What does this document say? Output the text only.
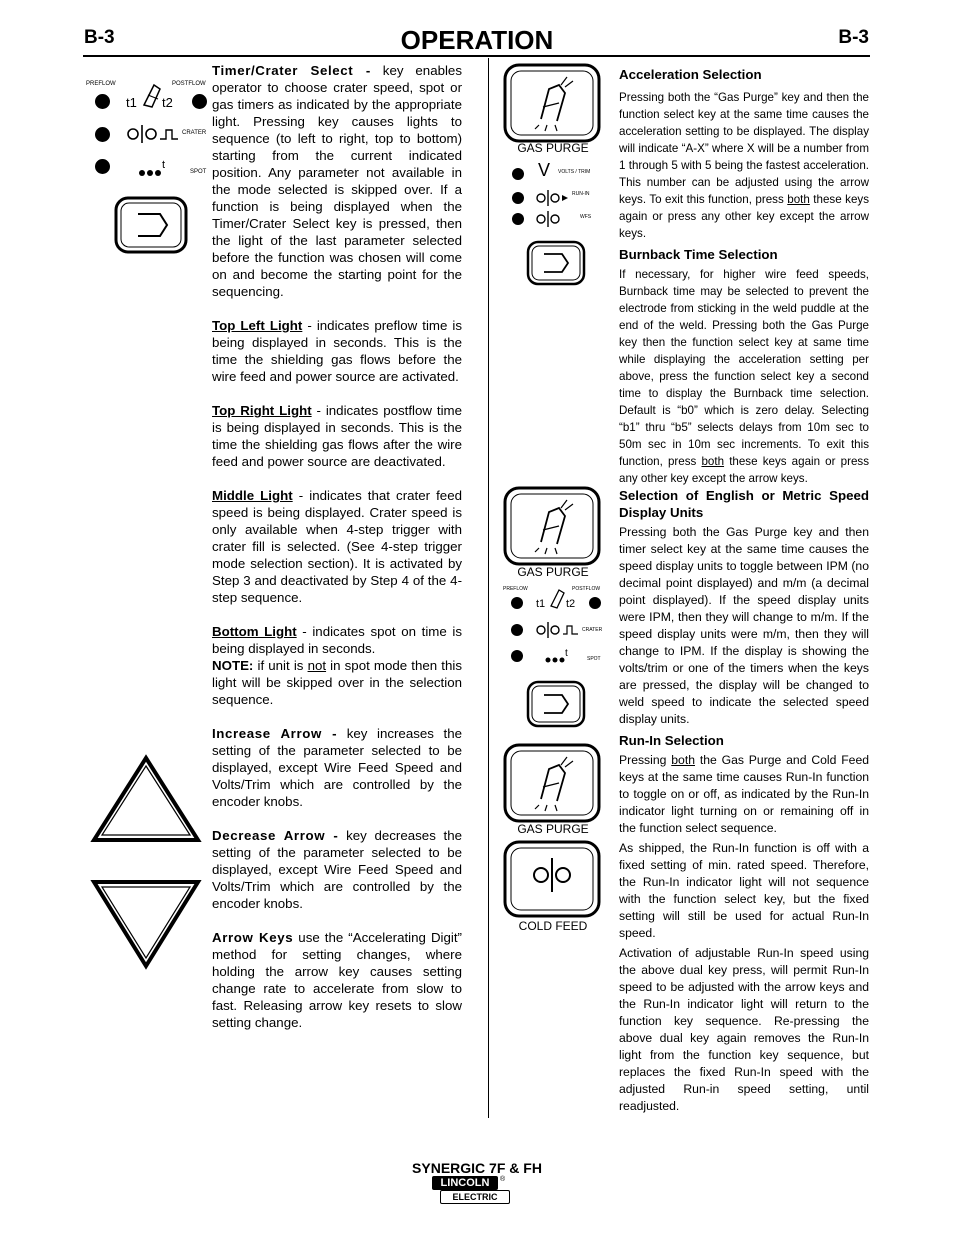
B-3	OPERATION	B-3
PREFLOW	POSTFLOW
t1 t2
CRATER
t
SPOT

Timer/Crater Select - key enables operator to choose crater speed, spot or gas timers as indicated by the appropriate light. Pressing key causes lights to sequence (to left to right, top to bottom) starting from the current indicated position. Any parameter not available in the mode selected is skipped over. If a function is being displayed when the Timer/Crater Select key is pressed, then the light of the last parameter selected before the function was chosen will come on and become the starting point for the sequencing.

Top Left Light - indicates preflow time is being displayed in seconds. This is the time the shielding gas flows before the wire feed and power source are activated.

Top Right Light - indicates postflow time is being displayed in seconds. This is the time the shielding gas flows after the wire feed and power source are deactivated.

Middle Light - indicates that crater feed speed is being displayed. Crater speed is only available when 4-step trigger with crater fill is selected. (See 4-step trigger mode selection section). It is activated by Step 3 and deactivated by Step 4 of the 4-step sequence.

Bottom Light - indicates spot on time is being displayed in seconds.

NOTE: if unit is not in spot mode then this light will be skipped over in the selection sequence.

Increase Arrow - key increases the setting of the parameter selected to be displayed, except Wire Feed Speed and Volts/Trim which are controlled by the encoder knobs.

Decrease Arrow - key decreases the setting of the parameter selected to be displayed, except Wire Feed Speed and Volts/Trim which are controlled by the encoder knobs.

Arrow Keys use the “Accelerating Digit” method for setting changes, where holding the arrow key causes setting change rate to accelerate from slow to fast. Releasing arrow key resets to slow setting change.

GAS PURGE
V VOLTS / TRIM
RUN-IN
WFS
GAS PURGE
PREFLOW	POSTFLOW
t1 t2
CRATER
t	SPOT
GAS PURGE
COLD FEED
Acceleration Selection

Pressing both the “Gas Purge” key and then the function select key at the same time causes the acceleration setting to be displayed. The display will indicate “A-X” where X will be a number from 1 through 5 with 5 being the fastest acceleration. This number can be adjusted using the arrow keys. To exit this function, press both these keys again or press any other key except the arrow keys.

Burnback Time Selection

If necessary, for higher wire feed speeds, Burnback time may be selected to prevent the electrode from sticking in the weld puddle at the end of the weld. Pressing both the Gas Purge key then the function select key at same time while displaying the acceleration setting per above, press the function select key a second time to display the Burnback time selection. Default is “b0” which is zero delay. Selecting “b1” thru “b5” selects delays from 10m sec to 50m sec in 10m sec increments. To exit this function, press both these keys again or press any other key except the arrow keys.

Selection of English or Metric Speed Display Units

Pressing both the Gas Purge key and then timer select key at the same time causes the speed display units to toggle between IPM (no decimal point displayed) and m/m (a decimal point displayed). If the speed display units were IPM, then they will change to m/m. If the speed display units were m/m, then they will change to IPM. If the display is showing the volts/trim or one of the timers when the keys are pressed, the display will be changed to weld speed to indicate the selected speed display units.

Run-In Selection

Pressing both the Gas Purge and Cold Feed keys at the same time causes Run-In function to toggle on or off, as indicated by the Run-In indicator light turning on or remaining off in the function select sequence.

As shipped, the Run-In function is off with a fixed setting of min. rated speed. Therefore, the Run-In indicator light will not sequence with the function select key, but the fixed setting will still be used for actual Run-In speed.

Activation of adjustable Run-In speed using the above dual key press, will permit Run-In speed to be adjusted with the arrow keys and the Run-In indicator light will return to the function key sequence. Re-pressing the above dual key again removes the Run-In light from the function key sequence, but replaces the fixed Run-In speed with the adjusted Run-in speed setting, until readjusted.

SYNERGIC 7F & FH
LINCOLN	®
ELECTRIC
